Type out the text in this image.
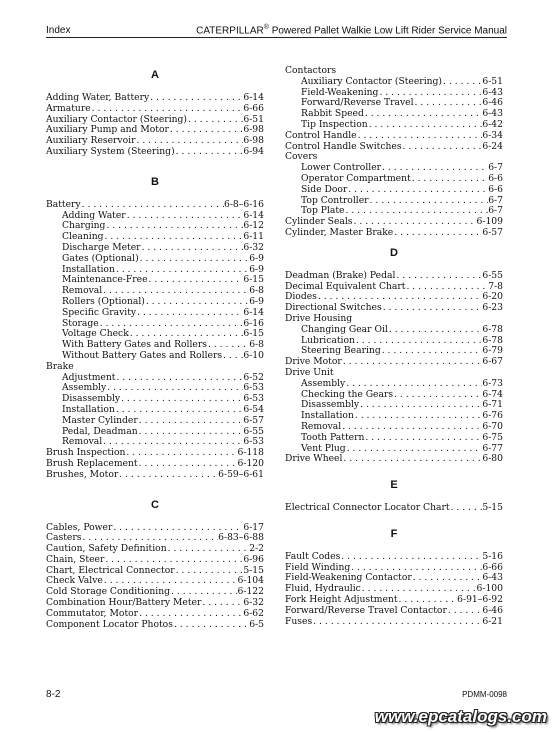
Index	CATERPILLAR® Powered Pallet Walkie Low Lift Rider Service Manual
A
Adding Water, Battery . . .	6-14
Armature . . .	6-66
Auxiliary Contactor (Steering) . . .	6-51
Auxiliary Pump and Motor . . .	6-98
Auxiliary Reservoir . . .	6-98
Auxiliary System (Steering) . . .	6-94
B
Battery . . .	6-8–6-16
Adding Water . . .	6-14
Charging . . .	6-12
Cleaning . . .	6-11
Discharge Meter . . .	6-32
Gates (Optional) . . .	6-9
Installation . . .	6-9
Maintenance-Free . . .	6-15
Removal . . .	6-8
Rollers (Optional) . . .	6-9
Specific Gravity . . .	6-14
Storage . . .	6-16
Voltage Check . . .	6-15
With Battery Gates and Rollers . . .	6-8
Without Battery Gates and Rollers . . . 6-10
Brake
Adjustment . . .	6-52
Assembly . . .	6-53
Disassembly . . .	6-53
Installation . . .	6-54
Master Cylinder . . .	6-57
Pedal, Deadman . . .	6-55
Removal . . .	6-53
Brush Inspection . . .	6-118
Brush Replacement . . .	6-120
Brushes, Motor . . .	6-59–6-61
C
Cables, Power . . .	6-17
Casters . . .	6-83–6-88
Caution, Safety Definition . . .	2-2
Chain, Steer . . .	6-96
Chart, Electrical Connector . . .	5-15
Check Valve . . .	6-104
Cold Storage Conditioning . . .	6-122
Combination Hour/Battery Meter . . .	6-32
Commutator, Motor . . .	6-62
Component Locator Photos . . .	6-5
Contactors
Auxiliary Contactor (Steering) . . .	6-51
Field-Weakening . . .	6-43
Forward/Reverse Travel . . .	6-46
Rabbit Speed . . .	6-43
Tip Inspection . . .	6-42
Control Handle . . .	6-34
Control Handle Switches . . .	6-24
Covers
Lower Controller . . .	6-7
Operator Compartment . . .	6-6
Side Door . . .	6-6
Top Controller . . .	6-7
Top Plate . . .	6-7
Cylinder Seals . . .	6-109
Cylinder, Master Brake . . .	6-57
D
Deadman (Brake) Pedal . . .	6-55
Decimal Equivalent Chart . . .	7-8
Diodes . . .	6-20
Directional Switches . . .	6-23
Drive Housing
Changing Gear Oil . . .	6-78
Lubrication . . .	6-78
Steering Bearing . . .	6-79
Drive Motor . . .	6-67
Drive Unit
Assembly . . .	6-73
Checking the Gears . . .	6-74
Disassembly . . .	6-71
Installation . . .	6-76
Removal . . .	6-70
Tooth Pattern . . .	6-75
Vent Plug . . .	6-77
Drive Wheel . . .	6-80
E
Electrical Connector Locator Chart . . .	5-15
F
Fault Codes . . .	5-16
Field Winding . . .	6-66
Field-Weakening Contactor . . .	6-43
Fluid, Hydraulic . . .	6-100
Fork Height Adjustment . . .	6-91–6-92
Forward/Reverse Travel Contactor . . .	6-46
Fuses . . .	6-21
8-2	PDMM-0098
www.epcatalogs.com
